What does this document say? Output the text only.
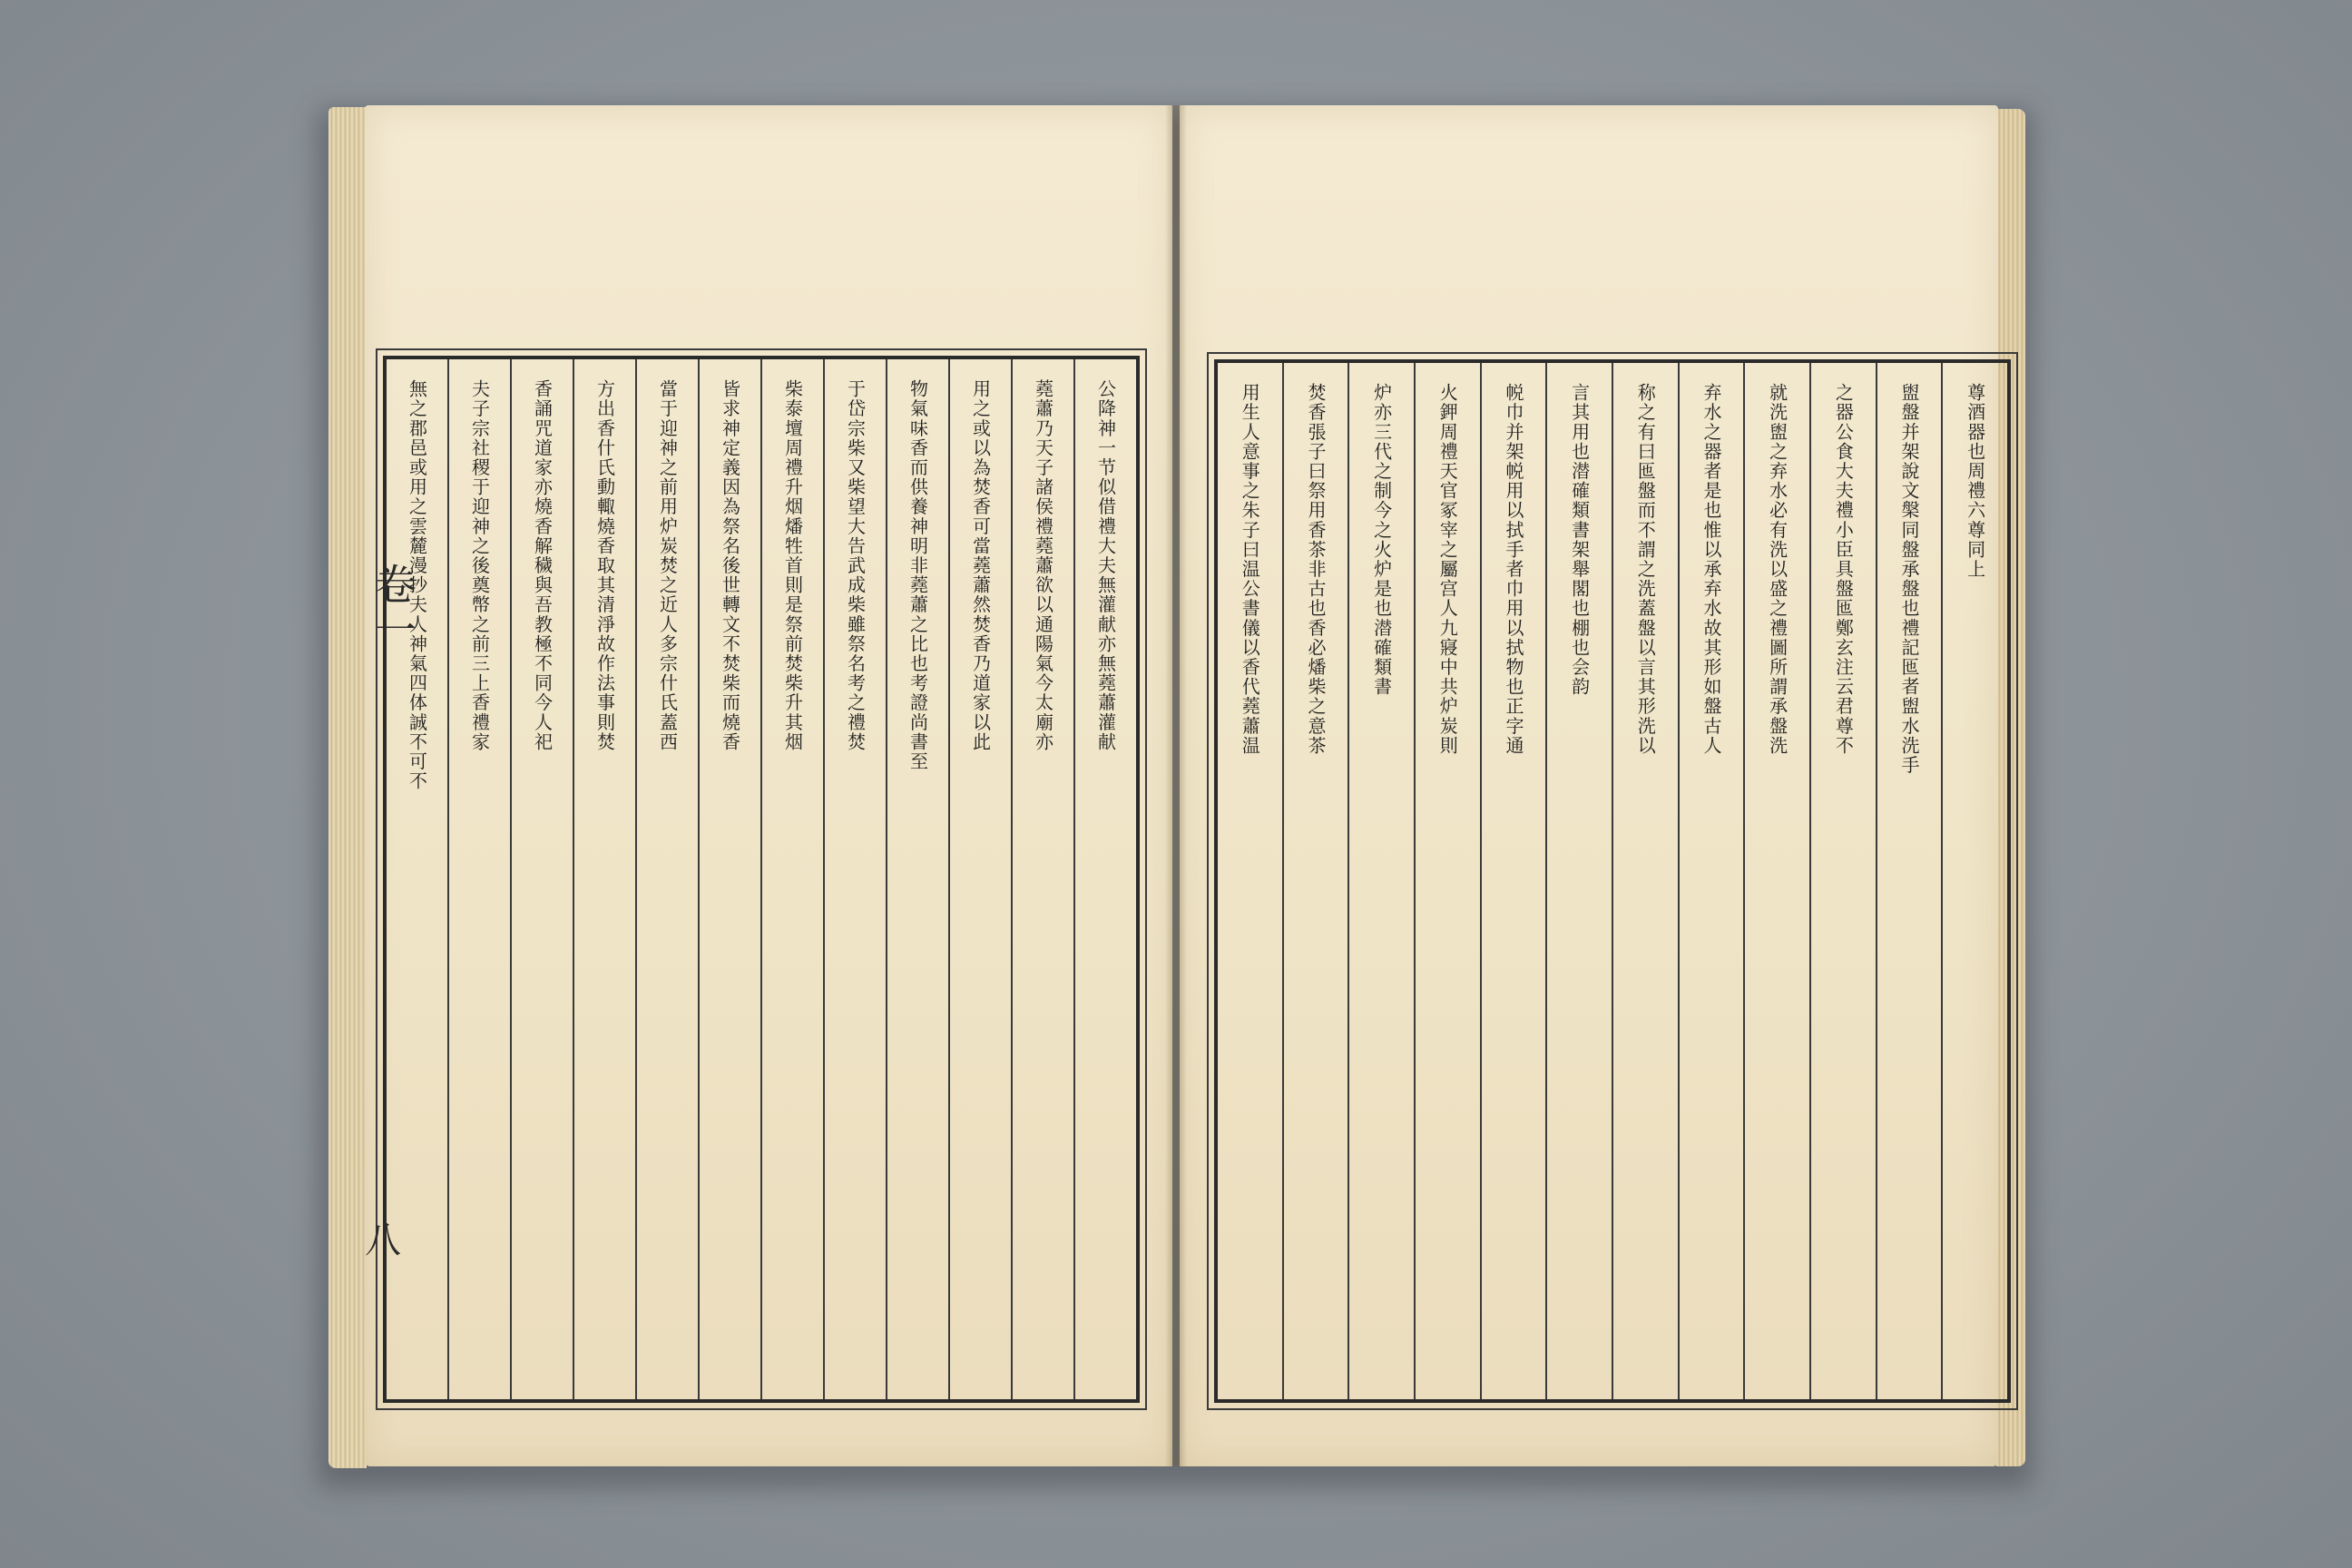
公降神一节似借禮大夫無灌献亦無蕘蕭灌献
蕘蕭乃天子諸侯禮蕘蕭欲以通陽氣今太廟亦
用之或以為焚香可當蕘蕭然焚香乃道家以此
物氣味香而供養神明非蕘蕭之比也考證尚書至
于岱宗柴又柴望大告武成柴雖祭名考之禮焚
柴泰壇周禮升烟燔牲首則是祭前焚柴升其烟
皆求神定義因為祭名後世轉文不焚柴而燒香
當于迎神之前用炉炭焚之近人多宗什氏蓋西
方出香什氏動輙燒香取其清淨故作法事則焚
香誦咒道家亦燒香解穢與吾教極不同今人祀
夫子宗社稷于迎神之後奠幣之前三上香禮家
無之郡邑或用之雲麓漫抄夫人神氣四体誠不可不
卷一
八
尊酒器也周禮六尊同上
盥盤并架說文槃同盤承盤也禮記匜者盥水洗手
之器公食大夫禮小臣具盤匜鄭玄注云君尊不
就洗盥之弃水必有洗以盛之禮圖所謂承盤洗
弃水之器者是也惟以承弃水故其形如盤古人
称之有曰匜盤而不謂之洗蓋盤以言其形洗以
言其用也潜確類書架舉閣也棚也会韵
帨巾并架帨用以拭手者巾用以拭物也正字通
火鉀周禮天官冢宰之屬宫人九寢中共炉炭則
炉亦三代之制今之火炉是也潜確類書
焚香張子曰祭用香茶非古也香必燔柴之意茶
用生人意事之朱子曰温公書儀以香代蕘蕭温
